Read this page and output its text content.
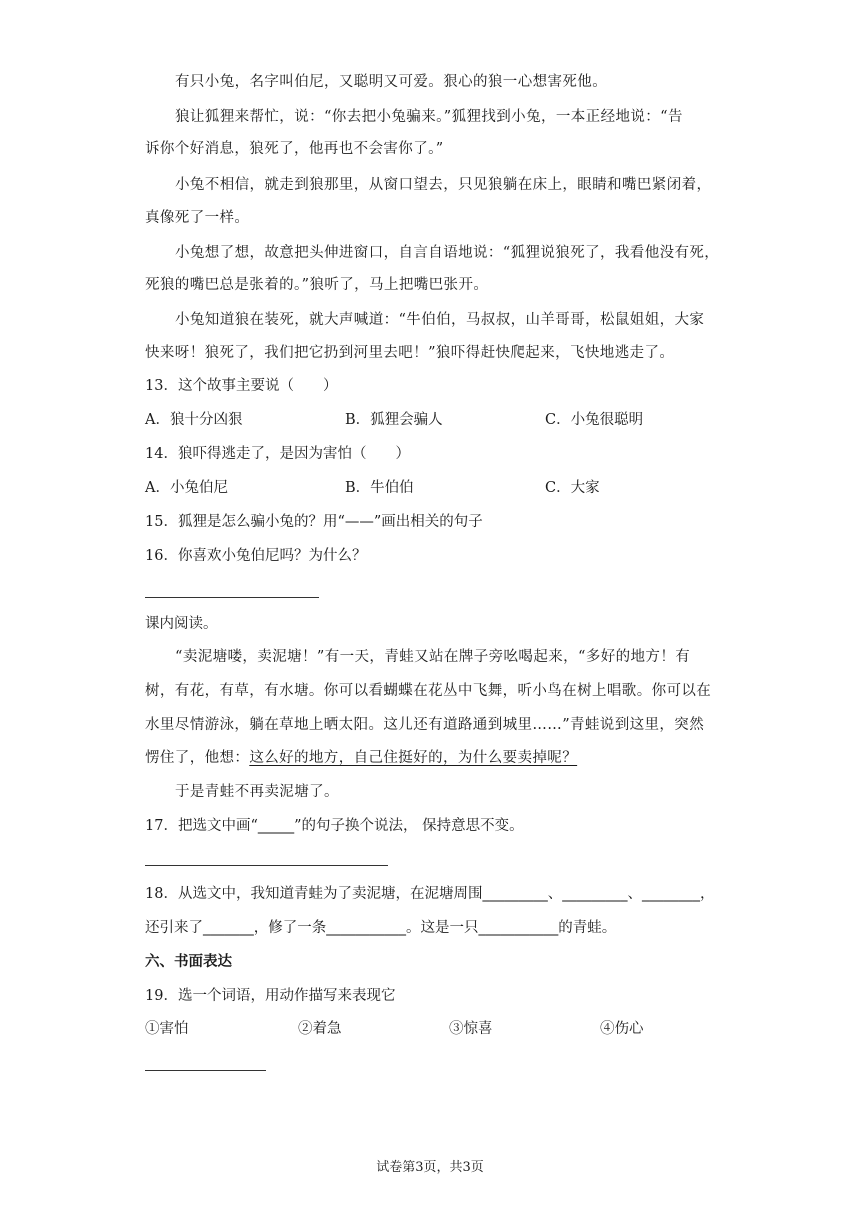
有只小兔，名字叫伯尼，又聪明又可爱。狠心的狼一心想害死他。
狼让狐狸来帮忙，说：“你去把小兔骗来。”狐狸找到小兔，一本正经地说：“告
诉你个好消息，狼死了，他再也不会害你了。”
小兔不相信，就走到狼那里，从窗口望去，只见狼躺在床上，眼睛和嘴巴紧闭着，
真像死了一样。
小兔想了想，故意把头伸进窗口，自言自语地说：“狐狸说狼死了，我看他没有死，
死狼的嘴巴总是张着的。”狼听了，马上把嘴巴张开。
小兔知道狼在装死，就大声喊道：“牛伯伯，马叔叔，山羊哥哥，松鼠姐姐，大家
快来呀！狼死了，我们把它扔到河里去吧！”狼吓得赶快爬起来，飞快地逃走了。
13．这个故事主要说（　　）
A．狼十分凶狠	B．狐狸会骗人	C．小兔很聪明
14．狼吓得逃走了，是因为害怕（　　）
A．小兔伯尼	B．牛伯伯	C．大家
15．狐狸是怎么骗小兔的？用“——”画出相关的句子
16．你喜欢小兔伯尼吗？为什么？
课内阅读。
“卖泥塘喽，卖泥塘！”有一天，青蛙又站在牌子旁吆喝起来，“多好的地方！有
树，有花，有草，有水塘。你可以看蝴蝶在花丛中飞舞，听小鸟在树上唱歌。你可以在
水里尽情游泳，躺在草地上晒太阳。这儿还有道路通到城里……”青蛙说到这里，突然
愣住了，他想：这么好的地方，自己住挺好的，为什么要卖掉呢？
于是青蛙不再卖泥塘了。
17．把选文中画“_____”的句子换个说法， 保持意思不变。
18．从选文中，我知道青蛙为了卖泥塘，在泥塘周围_________、_________、________，
还引来了_______，修了一条___________。这是一只___________的青蛙。
六、书面表达
19．选一个词语，用动作描写来表现它
①害怕	②着急	③惊喜	④伤心
试卷第3页，共3页
